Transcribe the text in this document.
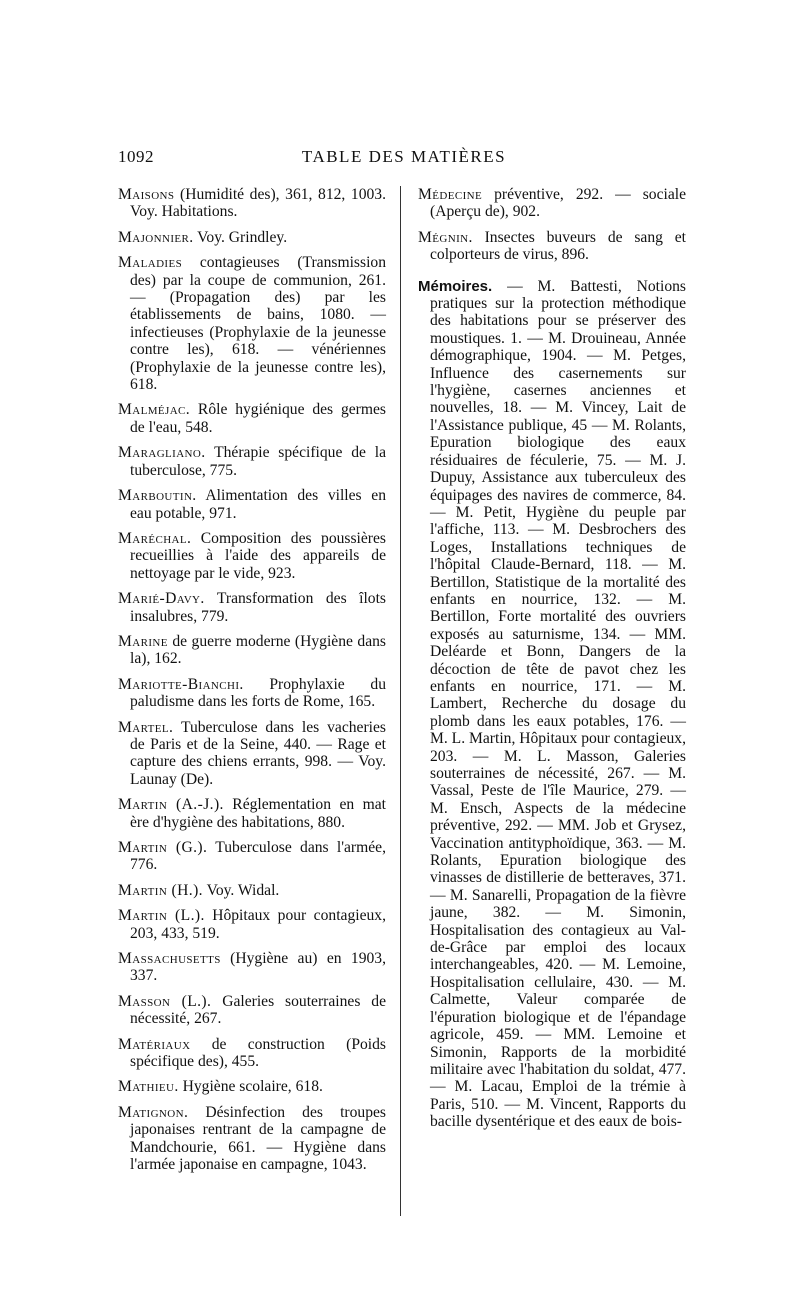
1092	TABLE DES MATIÈRES

Maisons (Humidité des), 361, 812, 1003. Voy. Habitations.

Majonnier. Voy. Grindley.

Maladies contagieuses (Transmission des) par la coupe de communion, 261. — (Propagation des) par les établissements de bains, 1080. — infectieuses (Prophylaxie de la jeunesse contre les), 618. — vénériennes (Prophylaxie de la jeunesse contre les), 618.

Malméjac. Rôle hygiénique des germes de l'eau, 548.

Maragliano. Thérapie spécifique de la tuberculose, 775.

Marboutin. Alimentation des villes en eau potable, 971.

Maréchal. Composition des poussières recueillies à l'aide des appareils de nettoyage par le vide, 923.

Marié-Davy. Transformation des îlots insalubres, 779.

Marine de guerre moderne (Hygiène dans la), 162.

Mariotte-Bianchi. Prophylaxie du paludisme dans les forts de Rome, 165.

Martel. Tuberculose dans les vacheries de Paris et de la Seine, 440. — Rage et capture des chiens errants, 998. — Voy. Launay (De).

Martin (A.-J.). Réglementation en mat ère d'hygiène des habitations, 880.

Martin (G.). Tuberculose dans l'armée, 776.

Martin (H.). Voy. Widal.

Martin (L.). Hôpitaux pour contagieux, 203, 433, 519.

Massachusetts (Hygiène au) en 1903, 337.

Masson (L.). Galeries souterraines de nécessité, 267.

Matériaux de construction (Poids spécifique des), 455.

Mathieu. Hygiène scolaire, 618.

Matignon. Désinfection des troupes japonaises rentrant de la campagne de Mandchourie, 661. — Hygiène dans l'armée japonaise en campagne, 1043.

Médecine préventive, 292. — sociale (Aperçu de), 902.

Mégnin. Insectes buveurs de sang et colporteurs de virus, 896.

Mémoires. — M. Battesti, Notions pratiques sur la protection méthodique des habitations pour se préserver des moustiques. 1. — M. Drouineau, Année démographique, 1904. — M. Petges, Influence des casernements sur l'hygiène, casernes anciennes et nouvelles, 18. — M. Vincey, Lait de l'Assistance publique, 45 — M. Rolants, Epuration biologique des eaux résiduaires de féculerie, 75. — M. J. Dupuy, Assistance aux tuberculeux des équipages des navires de commerce, 84. — M. Petit, Hygiène du peuple par l'affiche, 113. — M. Desbrochers des Loges, Installations techniques de l'hôpital Claude-Bernard, 118. — M. Bertillon, Statistique de la mortalité des enfants en nourrice, 132. — M. Bertillon, Forte mortalité des ouvriers exposés au saturnisme, 134. — MM. Deléarde et Bonn, Dangers de la décoction de tête de pavot chez les enfants en nourrice, 171. — M. Lambert, Recherche du dosage du plomb dans les eaux potables, 176. — M. L. Martin, Hôpitaux pour contagieux, 203. — M. L. Masson, Galeries souterraines de nécessité, 267. — M. Vassal, Peste de l'île Maurice, 279. — M. Ensch, Aspects de la médecine préventive, 292. — MM. Job et Grysez, Vaccination antityphoïdique, 363. — M. Rolants, Epuration biologique des vinasses de distillerie de betteraves, 371. — M. Sanarelli, Propagation de la fièvre jaune, 382. — M. Simonin, Hospitalisation des contagieux au Val-de-Grâce par emploi des locaux interchangeables, 420. — M. Lemoine, Hospitalisation cellulaire, 430. — M. Calmette, Valeur comparée de l'épuration biologique et de l'épandage agricole, 459. — MM. Lemoine et Simonin, Rapports de la morbidité militaire avec l'habitation du soldat, 477. — M. Lacau, Emploi de la trémie à Paris, 510. — M. Vincent, Rapports du bacille dysentérique et des eaux de bois-
